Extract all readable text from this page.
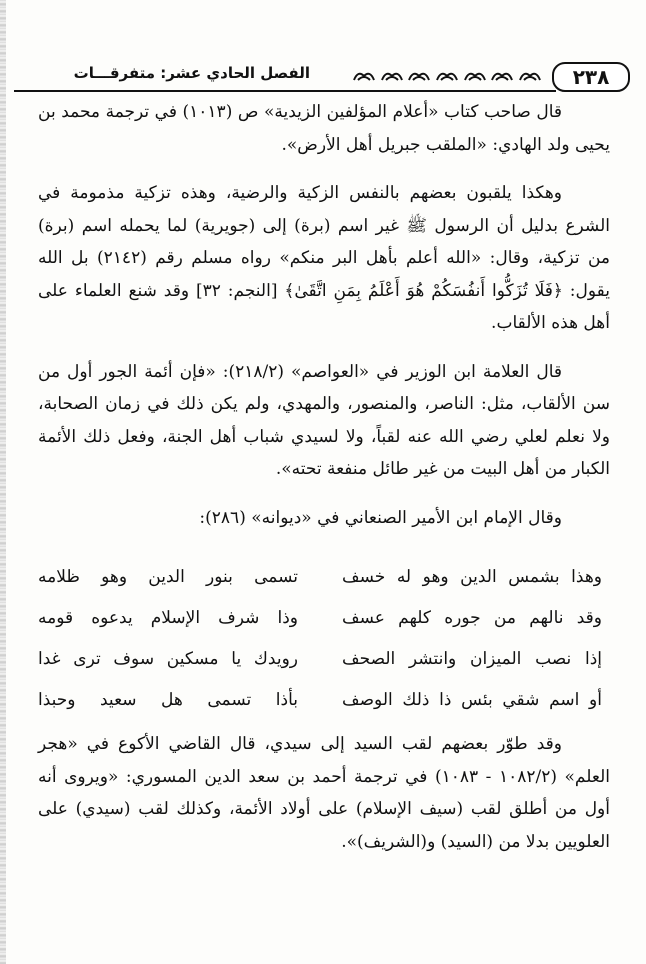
٢٣٨
الفصل الحادي عشر: متفرقـــات

قال صاحب كتاب «أعلام المؤلفين الزيدية» ص (١٠١٣) في ترجمة محمد بن يحيى ولد الهادي: «الملقب جبريل أهل الأرض».

وهكذا يلقبون بعضهم بالنفس الزكية والرضية، وهذه تزكية مذمومة في الشرع بدليل أن الرسول ﷺ غير اسم (برة) إلى (جويرية) لما يحمله اسم (برة) من تزكية، وقال: «الله أعلم بأهل البر منكم» رواه مسلم رقم (٢١٤٢) بل الله يقول: ﴿فَلَا تُزَكُّوا أَنفُسَكُمْ هُوَ أَعْلَمُ بِمَنِ اتَّقَىٰ﴾ [النجم: ٣٢] وقد شنع العلماء على أهل هذه الألقاب.

قال العلامة ابن الوزير في «العواصم» (٢١٨/٢): «فإن أئمة الجور أول من سن الألقاب، مثل: الناصر، والمنصور، والمهدي، ولم يكن ذلك في زمان الصحابة، ولا نعلم لعلي رضي الله عنه لقباً، ولا لسيدي شباب أهل الجنة، وفعل ذلك الأئمة الكبار من أهل البيت من غير طائل منفعة تحته».

وقال الإمام ابن الأمير الصنعاني في «ديوانه» (٢٨٦):

وهذا بشمس الدين وهو له خسف
تسمى بنور الدين وهو ظلامه
وقد نالهم من جوره كلهم عسف
وذا شرف الإسلام يدعوه قومه
إذا نصب الميزان وانتشر الصحف
رويدك يا مسكين سوف ترى غدا
أو اسم شقي بئس ذا ذلك الوصف
بأذا تسمى هل سعيد وحبذا

وقد طوّر بعضهم لقب السيد إلى سيدي، قال القاضي الأكوع في «هجر العلم» (١٠٨٢/٢ - ١٠٨٣) في ترجمة أحمد بن سعد الدين المسوري: «ويروى أنه أول من أطلق لقب (سيف الإسلام) على أولاد الأئمة، وكذلك لقب (سيدي) على العلويين بدلا من (السيد) و(الشريف)».
